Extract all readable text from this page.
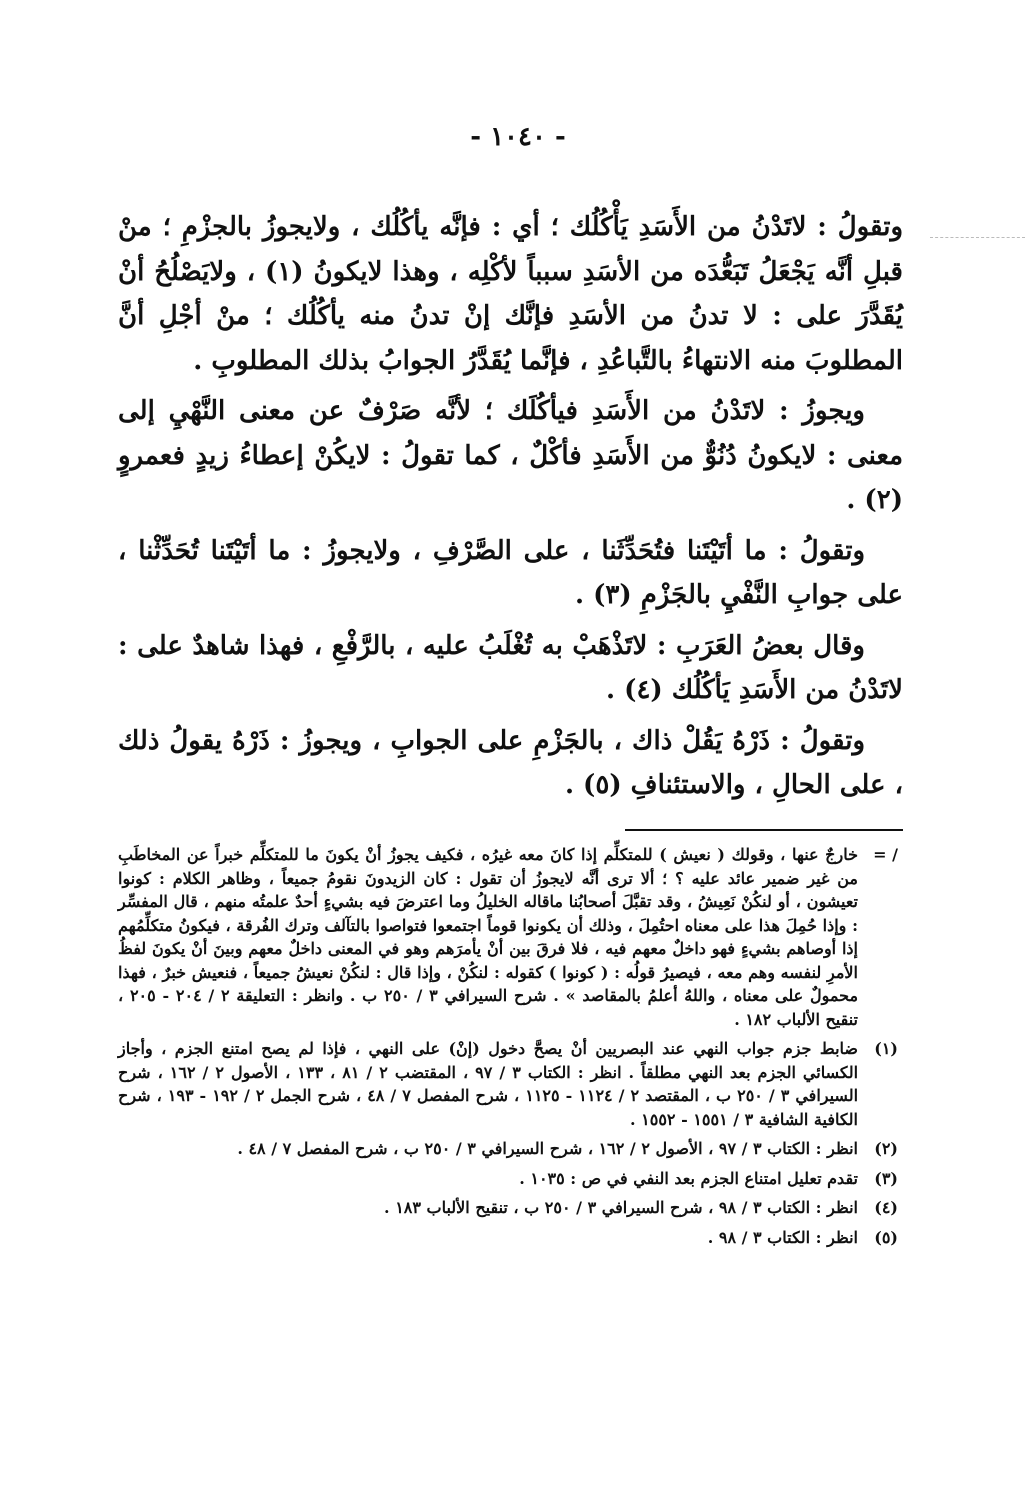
- ١٠٤٠ -

وتقولُ : لاتَدْنُ من الأَسَدِ يَأْكُلُك ؛ أي : فإنَّه يأكُلُك ، ولايجوزُ بالجزْمِ ؛ منْ قبلِ أنَّه يَجْعَلُ تَبَعُّدَه من الأسَدِ سبباً لأكْلِه ، وهذا لايكونُ (١) ، ولايَصْلُحُ أنْ يُقَدَّرَ على : لا تدنُ من الأسَدِ فإنَّك إنْ تدنُ منه يأكُلُك ؛ منْ أجْلِ أنَّ المطلوبَ منه الانتهاءُ بالتَّباعُدِ ، فإنَّما يُقَدَّرُ الجوابُ بذلك المطلوبِ .

ويجوزُ : لاتَدْنُ من الأَسَدِ فيأكُلَك ؛ لأنَّه صَرْفٌ عن معنى النَّهْيِ إلى معنى : لايكونُ دُنُوٌّ من الأَسَدِ فأكْلٌ ، كما تقولُ : لايكُنْ إعطاءُ زيدٍ فعمروٍ (٢) .

وتقولُ : ما أتَيْتَنا فتُحَدِّثَنا ، على الصَّرْفِ ، ولايجوزُ : ما أتَيْتَنا تُحَدِّثْنا ، على جوابِ النَّفْيِ بالجَزْمِ (٣) .

وقال بعضُ العَرَبِ : لاتَذْهَبْ به تُغْلَبُ عليه ، بالرَّفْعِ ، فهذا شاهدٌ على : لاتَدْنُ من الأَسَدِ يَأكُلُك (٤) .

وتقولُ : ذَرْهُ يَقُلْ ذاك ، بالجَزْمِ على الجوابِ ، ويجوزُ : ذَرْهُ يقولُ ذلك ، على الحالِ ، والاستئنافِ (٥) .

/ =
خارجٌ عنها ، وقولك ( نعيش ) للمتكلِّم إذا كانَ معه غيرُه ، فكيف يجوزُ أنْ يكونَ ما للمتكلِّم خبراً عن المخاطَبِ من غير ضمير عائد عليه ؟ ؛ ألا ترى أنَّه لايجوزُ أن تقول : كان الزيدونَ نقومُ جميعاً ، وظاهر الكلام : كونوا تعيشون ، أو لنكُنْ نَعِيشُ ، وقد تقبَّلَ أصحابُنا ماقاله الخليلُ وما اعترضَ فيه بشيءٍ أحدٌ علمتُه منهم ، قال المفسِّر : وإذا حُمِلَ هذا على معناه احتُمِلَ ، وذلك أن يكونوا قوماً اجتمعوا فتواصوا بالتآلف وترك الفُرقة ، فيكونُ متكلِّمُهم إذا أوصاهم بشيءٍ فهو داخلٌ معهم فيه ، فلا فرقَ بين أنْ يأمرَهم وهو في المعنى داخلٌ معهم وبينَ أنْ يكونَ لفظُ الأمرِ لنفسه وهم معه ، فيصيرُ قولُه : ( كونوا ) كقوله : لنكُنْ ، وإذا قال : لنكُنْ نعيشُ جميعاً ، فنعيش خبرٌ ، فهذا محمولٌ على معناه ، واللهُ أعلمُ بالمقاصد » . شرح السيرافي ٣ / ٢٥٠ ب . وانظر : التعليقة ٢ / ٢٠٤ - ٢٠٥ ، تنقيح الألباب ١٨٢ .
(١)
ضابط جزم جواب النهي عند البصريين أنْ يصحَّ دخول (إنْ) على النهي ، فإذا لم يصح امتنع الجزم ، وأجاز الكسائي الجزم بعد النهي مطلقاً . انظر : الكتاب ٣ / ٩٧ ، المقتضب ٢ / ٨١ ، ١٣٣ ، الأصول ٢ / ١٦٢ ، شرح السيرافي ٣ / ٢٥٠ ب ، المقتصد ٢ / ١١٢٤ - ١١٢٥ ، شرح المفصل ٧ / ٤٨ ، شرح الجمل ٢ / ١٩٢ - ١٩٣ ، شرح الكافية الشافية ٣ / ١٥٥١ - ١٥٥٢ .
(٢)
انظر : الكتاب ٣ / ٩٧ ، الأصول ٢ / ١٦٢ ، شرح السيرافي ٣ / ٢٥٠ ب ، شرح المفصل ٧ / ٤٨ .
(٣)
تقدم تعليل امتناع الجزم بعد النفي في ص : ١٠٣٥ .
(٤)
انظر : الكتاب ٣ / ٩٨ ، شرح السيرافي ٣ / ٢٥٠ ب ، تنقيح الألباب ١٨٣ .
(٥)
انظر : الكتاب ٣ / ٩٨ .
